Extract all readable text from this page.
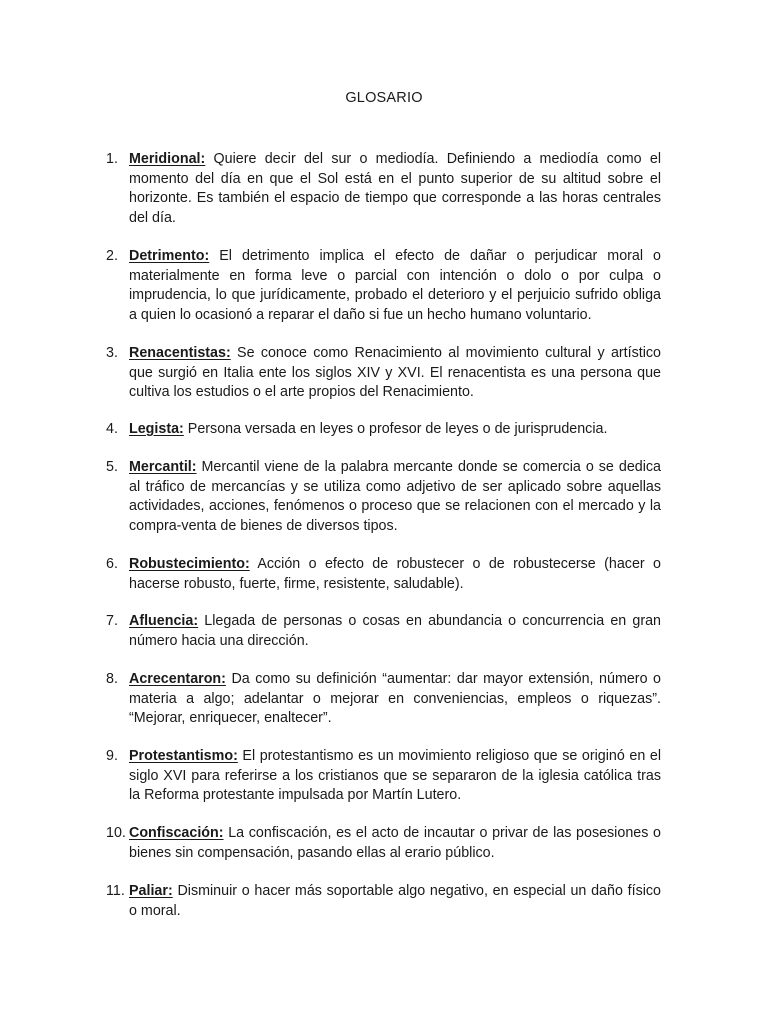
GLOSARIO
1. Meridional: Quiere decir del sur o mediodía. Definiendo a mediodía como el momento del día en que el Sol está en el punto superior de su altitud sobre el horizonte. Es también el espacio de tiempo que corresponde a las horas centrales del día.
2. Detrimento: El detrimento implica el efecto de dañar o perjudicar moral o materialmente en forma leve o parcial con intención o dolo o por culpa o imprudencia, lo que jurídicamente, probado el deterioro y el perjuicio sufrido obliga a quien lo ocasionó a reparar el daño si fue un hecho humano voluntario.
3. Renacentistas: Se conoce como Renacimiento al movimiento cultural y artístico que surgió en Italia ente los siglos XIV y XVI. El renacentista es una persona que cultiva los estudios o el arte propios del Renacimiento.
4. Legista: Persona versada en leyes o profesor de leyes o de jurisprudencia.
5. Mercantil: Mercantil viene de la palabra mercante donde se comercia o se dedica al tráfico de mercancías y se utiliza como adjetivo de ser aplicado sobre aquellas actividades, acciones, fenómenos o proceso que se relacionen con el mercado y la compra-venta de bienes de diversos tipos.
6. Robustecimiento: Acción o efecto de robustecer o de robustecerse (hacer o hacerse robusto, fuerte, firme, resistente, saludable).
7. Afluencia: Llegada de personas o cosas en abundancia o concurrencia en gran número hacia una dirección.
8. Acrecentaron: Da como su definición “aumentar: dar mayor extensión, número o materia a algo; adelantar o mejorar en conveniencias, empleos o riquezas”. “Mejorar, enriquecer, enaltecer”.
9. Protestantismo: El protestantismo es un movimiento religioso que se originó en el siglo XVI para referirse a los cristianos que se separaron de la iglesia católica tras la Reforma protestante impulsada por Martín Lutero.
10. Confiscación: La confiscación, es el acto de incautar o privar de las posesiones o bienes sin compensación, pasando ellas al erario público.
11. Paliar: Disminuir o hacer más soportable algo negativo, en especial un daño físico o moral.
